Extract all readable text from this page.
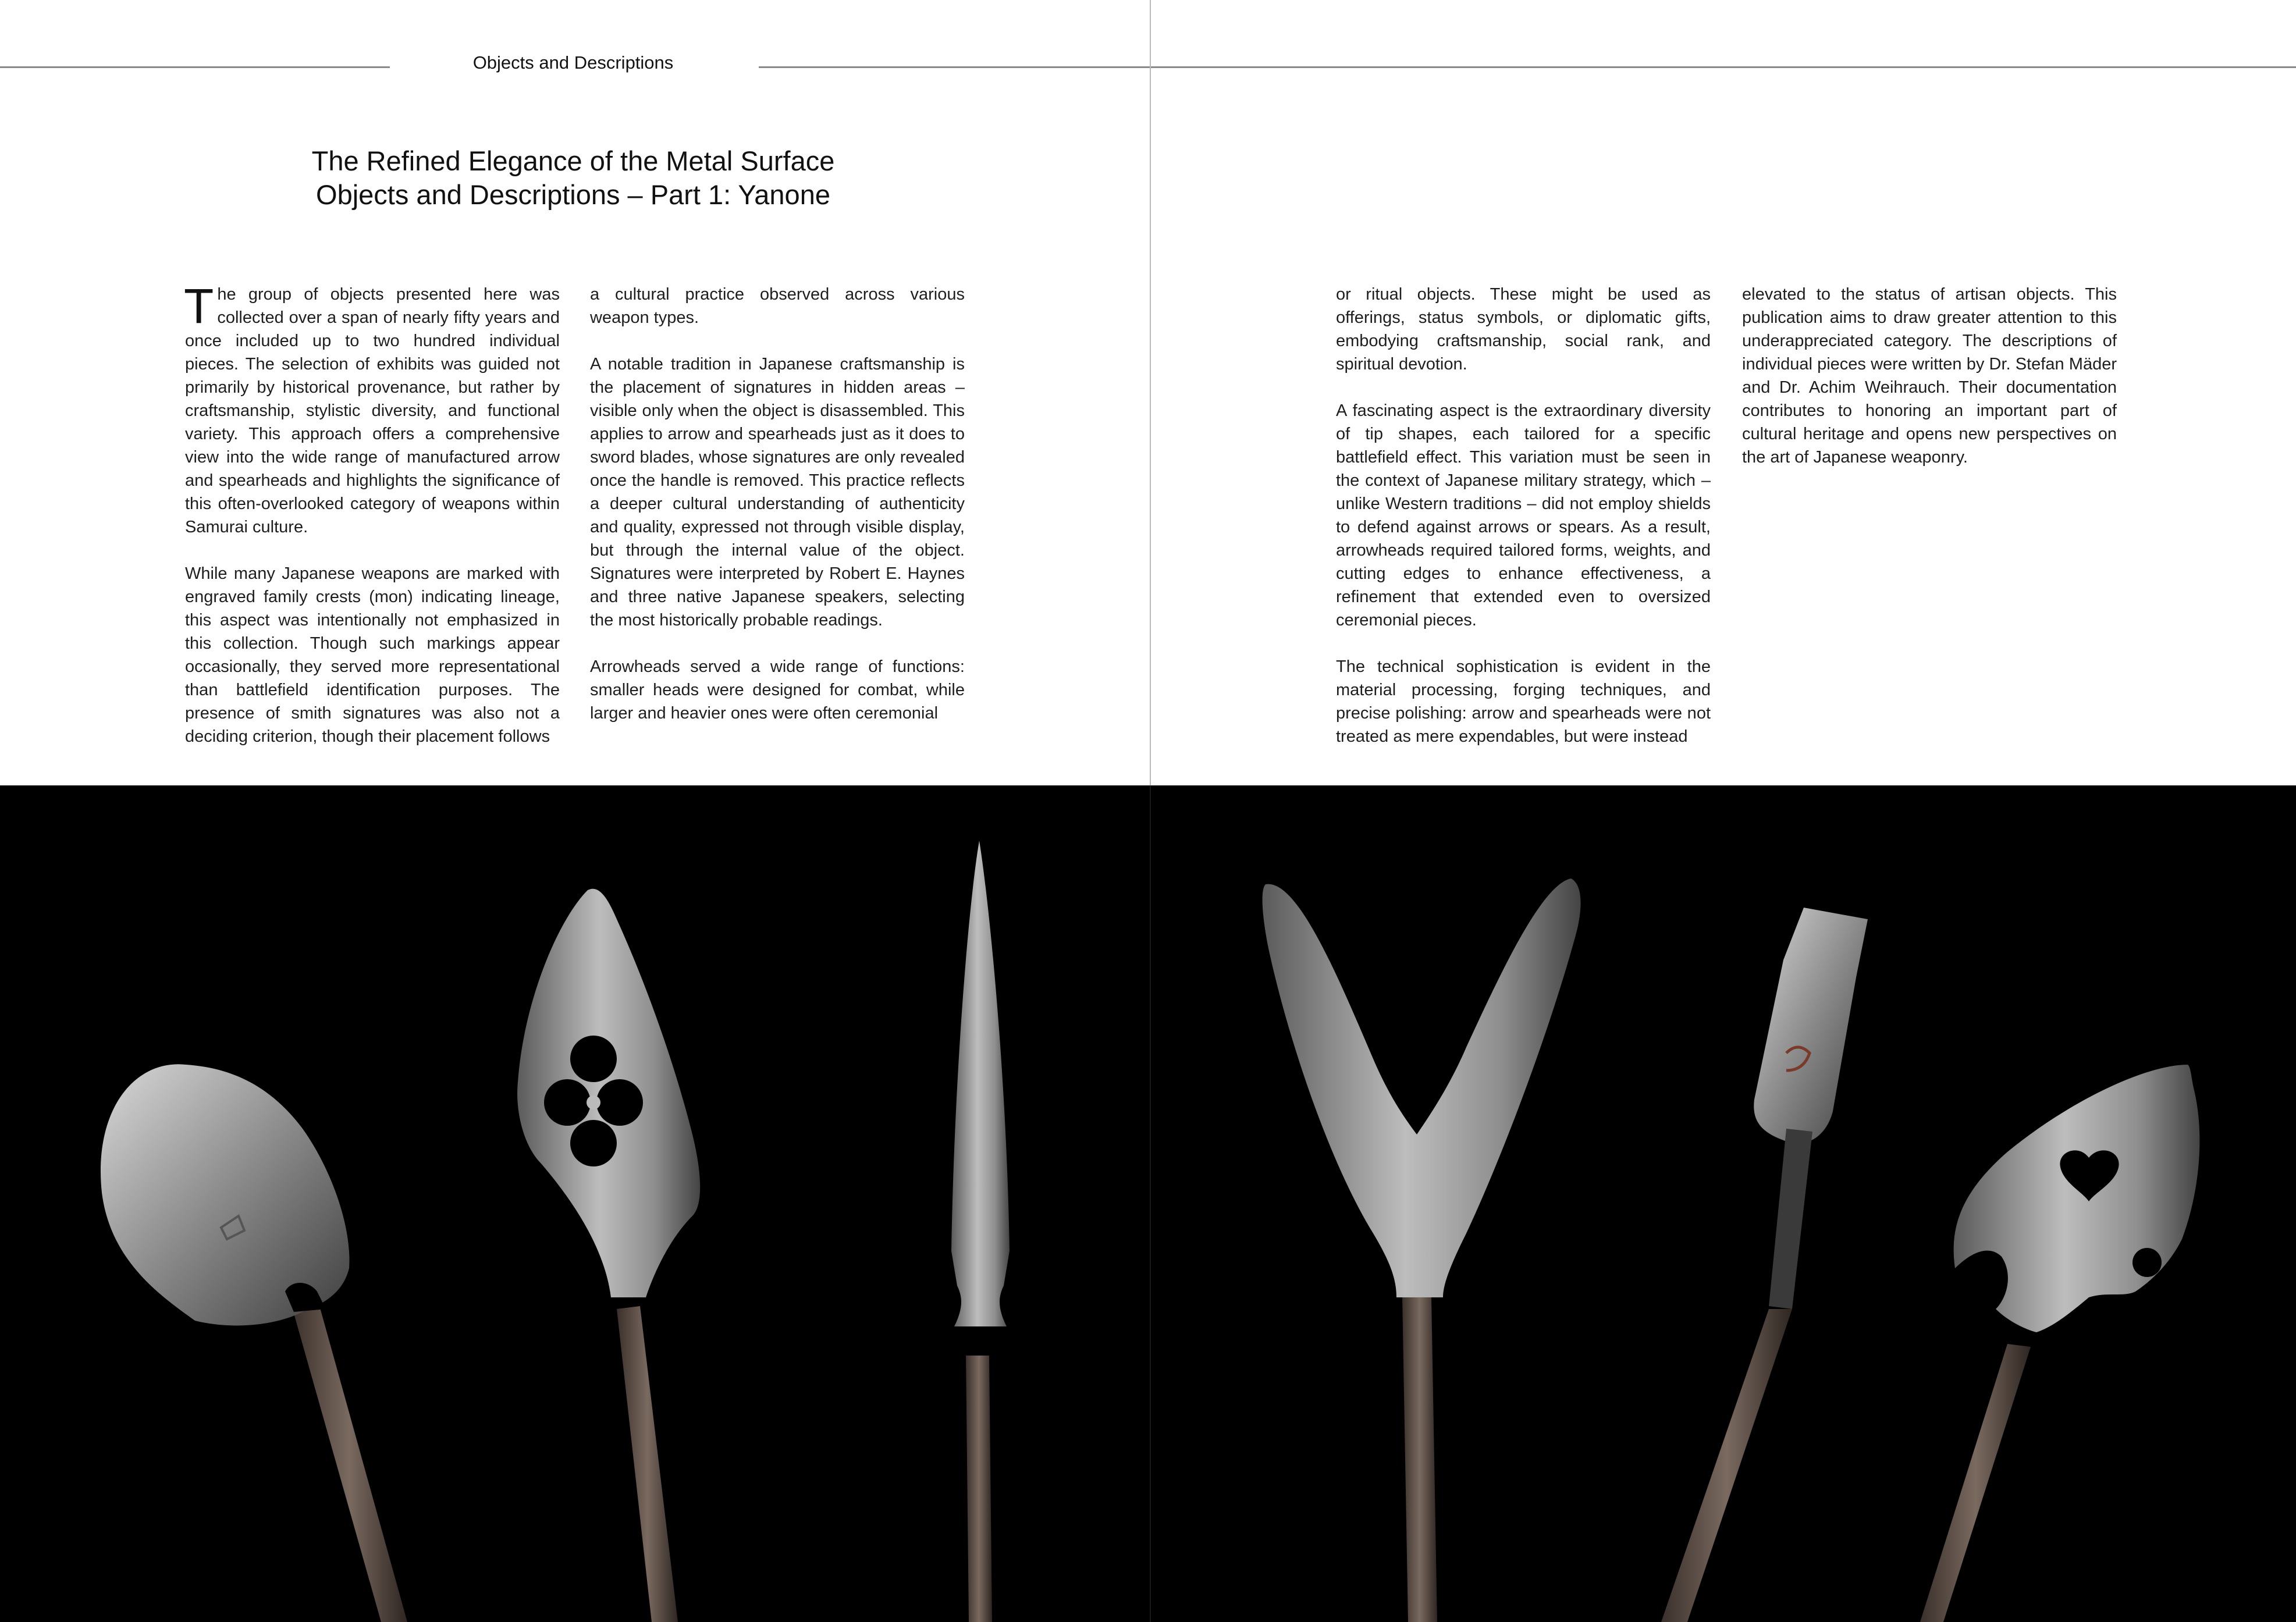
Objects and Descriptions
The Refined Elegance of the Metal Surface
Objects and Descriptions – Part 1: Yanone

The group of objects presented here was collected over a span of nearly fifty years and once included up to two hundred individual pieces. The selection of exhibits was guided not primarily by historical provenance, but rather by craftsmanship, stylistic diversity, and functional variety. This approach offers a comprehensive view into the wide range of manufactured arrow and spearheads and highlights the significance of this often-overlooked category of weapons within Samurai culture.

While many Japanese weapons are marked with engraved family crests (mon) indicating lineage, this aspect was intentionally not emphasized in this collection. Though such markings appear occasionally, they served more representational than battlefield identification purposes. The presence of smith signatures was also not a deciding criterion, though their placement follows

a cultural practice observed across various weapon types.

A notable tradition in Japanese craftsmanship is the placement of signatures in hidden areas – visible only when the object is disassembled. This applies to arrow and spearheads just as it does to sword blades, whose signatures are only revealed once the handle is removed. This practice reflects a deeper cultural understanding of authenticity and quality, expressed not through visible display, but through the internal value of the object. Signatures were interpreted by Robert E. Haynes and three native Japanese speakers, selecting the most historically probable readings.

Arrowheads served a wide range of functions: smaller heads were designed for combat, while larger and heavier ones were often ceremonial

or ritual objects. These might be used as offerings, status symbols, or diplomatic gifts, embodying craftsmanship, social rank, and spiritual devotion.

A fascinating aspect is the extraordinary diversity of tip shapes, each tailored for a specific battlefield effect. This variation must be seen in the context of Japanese military strategy, which – unlike Western traditions – did not employ shields to defend against arrows or spears. As a result, arrowheads required tailored forms, weights, and cutting edges to enhance effectiveness, a refinement that extended even to oversized ceremonial pieces.

The technical sophistication is evident in the material processing, forging techniques, and precise polishing: arrow and spearheads were not treated as mere expendables, but were instead

elevated to the status of artisan objects. This publication aims to draw greater attention to this underappreciated category. The descriptions of individual pieces were written by Dr. Stefan Mäder and Dr. Achim Weihrauch. Their documentation contributes to honoring an important part of cultural heritage and opens new perspectives on the art of Japanese weaponry.
